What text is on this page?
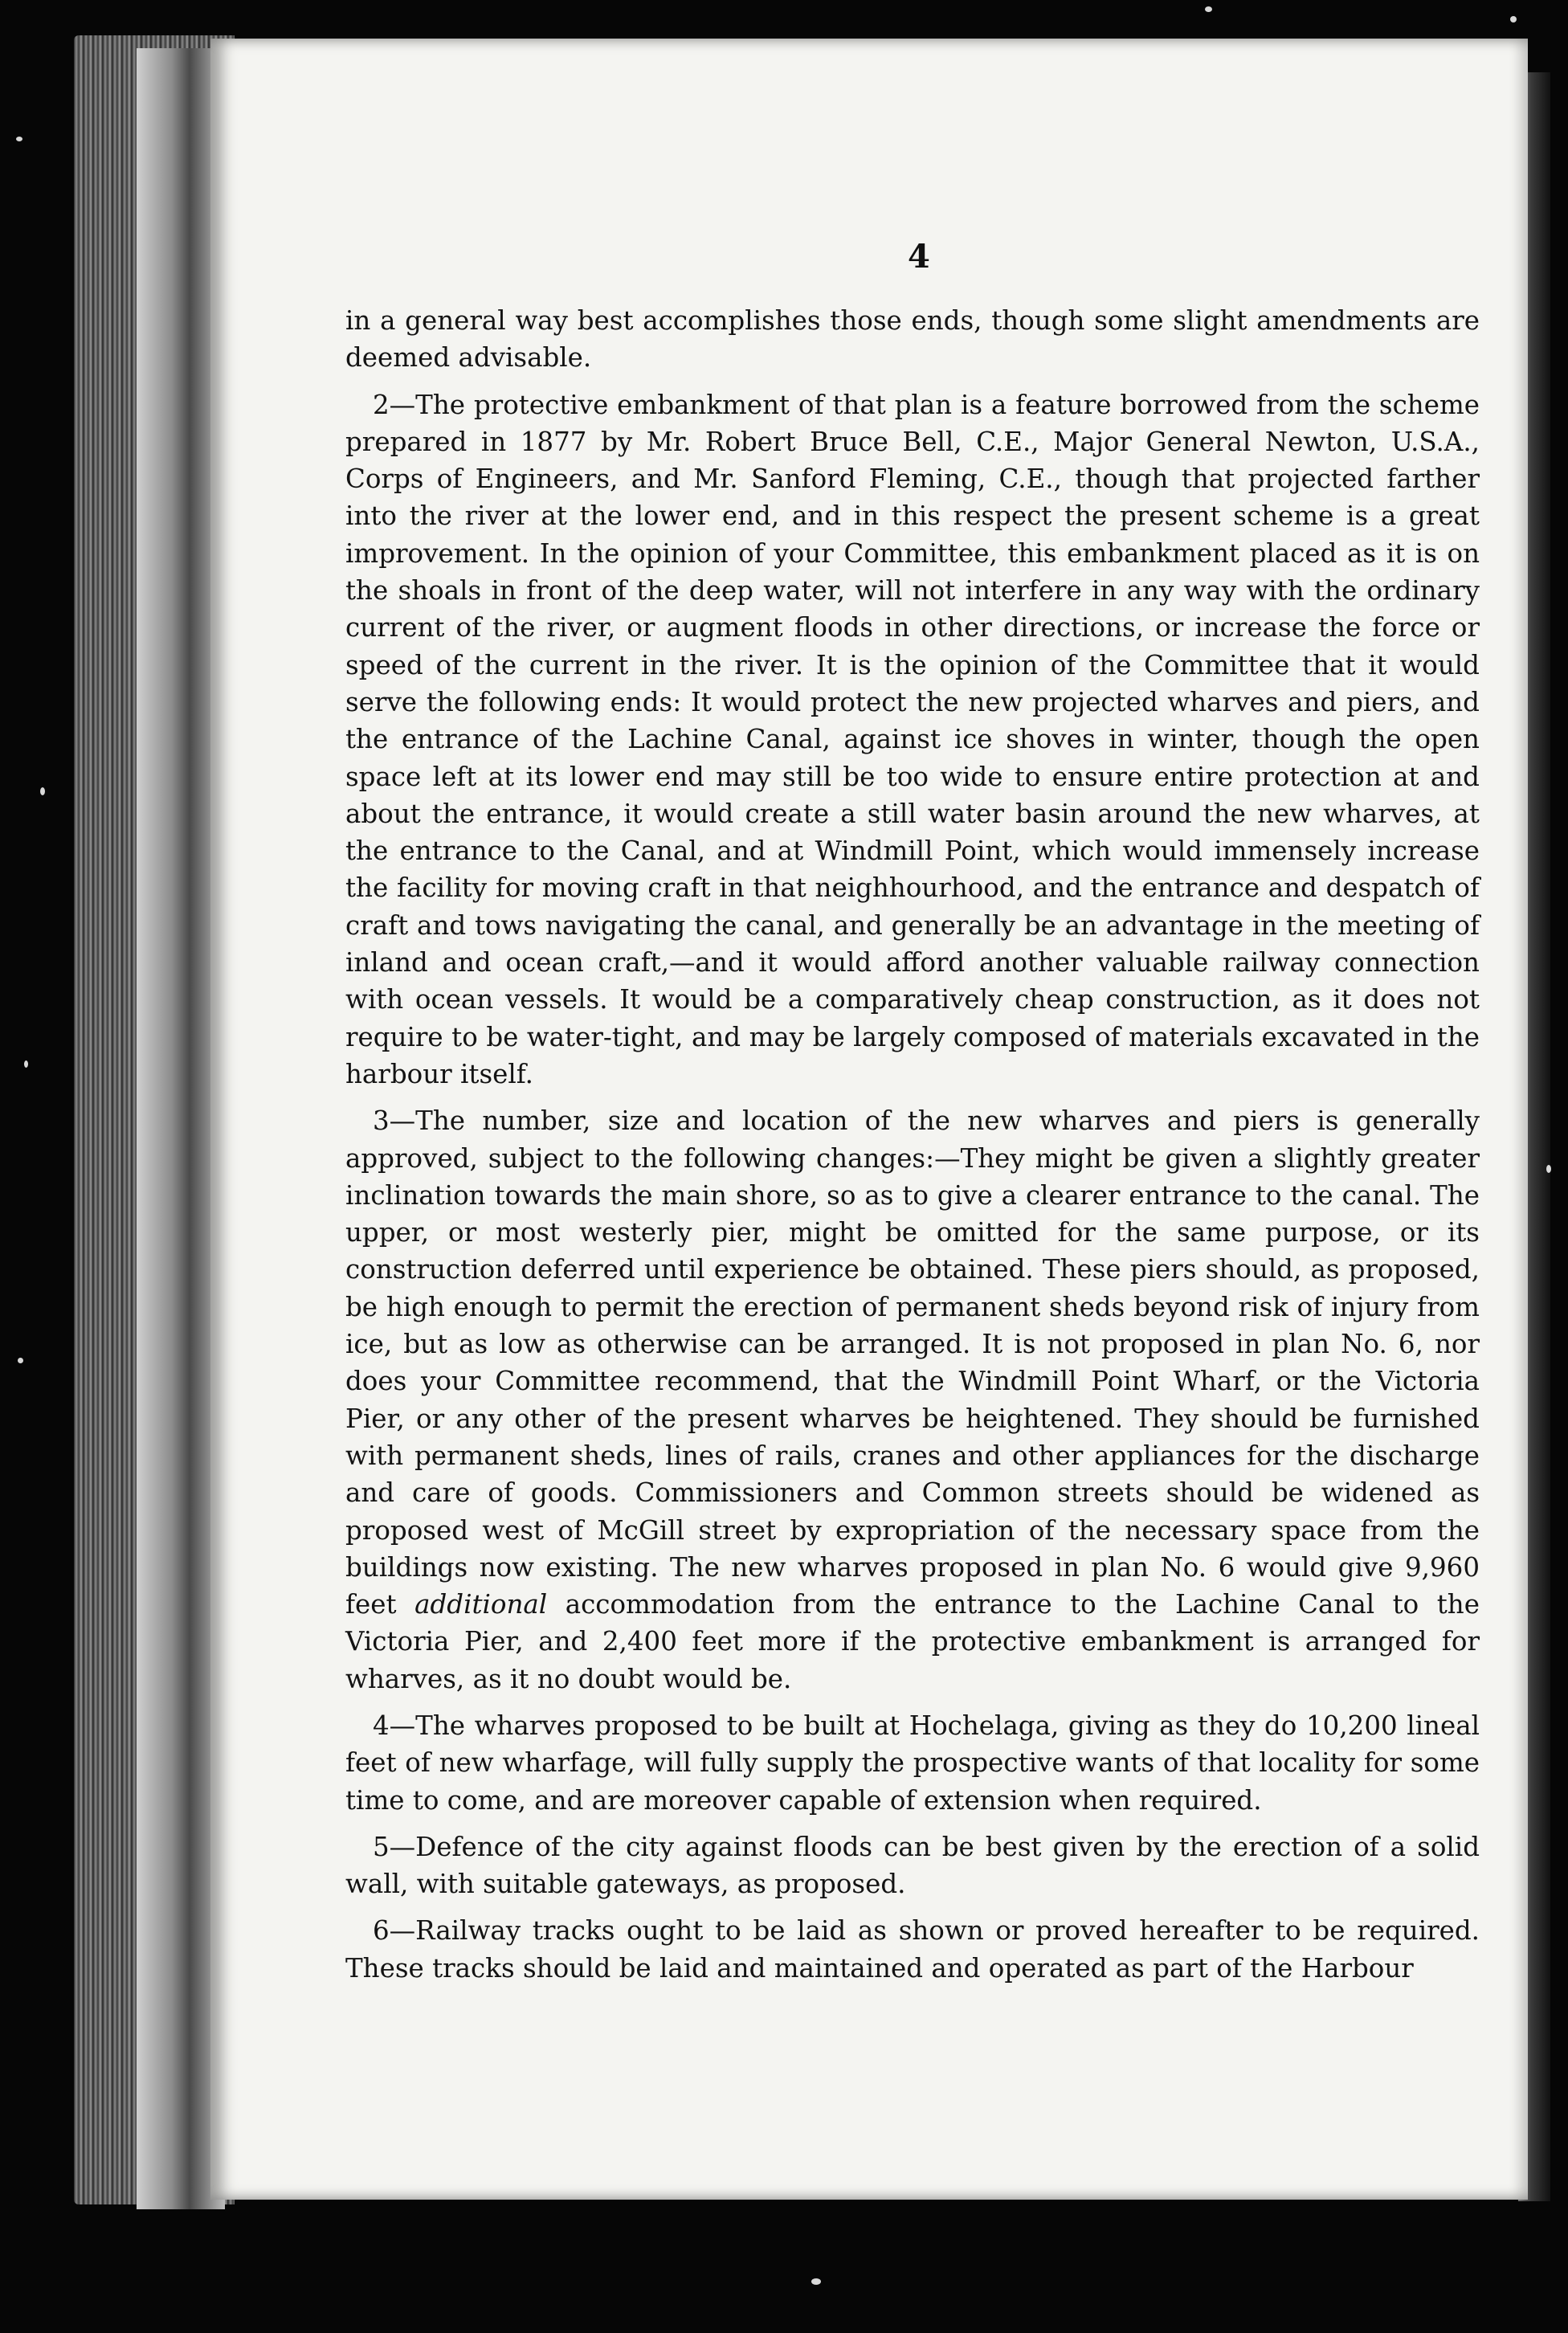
4

in a general way best accomplishes those ends, though some slight amendments are deemed advisable.

2—The protective embankment of that plan is a feature borrowed from the scheme prepared in 1877 by Mr. Robert Bruce Bell, C.E., Major General Newton, U.S.A., Corps of Engineers, and Mr. Sanford Fleming, C.E., though that projected farther into the river at the lower end, and in this respect the present scheme is a great improvement. In the opinion of your Committee, this embankment placed as it is on the shoals in front of the deep water, will not interfere in any way with the ordinary current of the river, or augment floods in other directions, or increase the force or speed of the current in the river. It is the opinion of the Committee that it would serve the following ends: It would protect the new projected wharves and piers, and the entrance of the Lachine Canal, against ice shoves in winter, though the open space left at its lower end may still be too wide to ensure entire protection at and about the entrance, it would create a still water basin around the new wharves, at the entrance to the Canal, and at Windmill Point, which would immensely increase the facility for moving craft in that neighhourhood, and the entrance and despatch of craft and tows navigating the canal, and generally be an advantage in the meeting of inland and ocean craft,—and it would afford another valuable railway connection with ocean vessels. It would be a comparatively cheap construction, as it does not require to be water-tight, and may be largely composed of materials excavated in the harbour itself.

3—The number, size and location of the new wharves and piers is generally approved, subject to the following changes:—They might be given a slightly greater inclination towards the main shore, so as to give a clearer entrance to the canal. The upper, or most westerly pier, might be omitted for the same purpose, or its construction deferred until experience be obtained. These piers should, as proposed, be high enough to permit the erection of permanent sheds beyond risk of injury from ice, but as low as otherwise can be arranged. It is not proposed in plan No. 6, nor does your Committee recommend, that the Windmill Point Wharf, or the Victoria Pier, or any other of the present wharves be heightened. They should be furnished with permanent sheds, lines of rails, cranes and other appliances for the discharge and care of goods. Commissioners and Common streets should be widened as proposed west of McGill street by expropriation of the necessary space from the buildings now existing. The new wharves proposed in plan No. 6 would give 9,960 feet additional accommodation from the entrance to the Lachine Canal to the Victoria Pier, and 2,400 feet more if the protective embankment is arranged for wharves, as it no doubt would be.

4—The wharves proposed to be built at Hochelaga, giving as they do 10,200 lineal feet of new wharfage, will fully supply the prospective wants of that locality for some time to come, and are moreover capable of extension when required.

5—Defence of the city against floods can be best given by the erection of a solid wall, with suitable gateways, as proposed.

6—Railway tracks ought to be laid as shown or proved hereafter to be required. These tracks should be laid and maintained and operated as part of the Harbour
